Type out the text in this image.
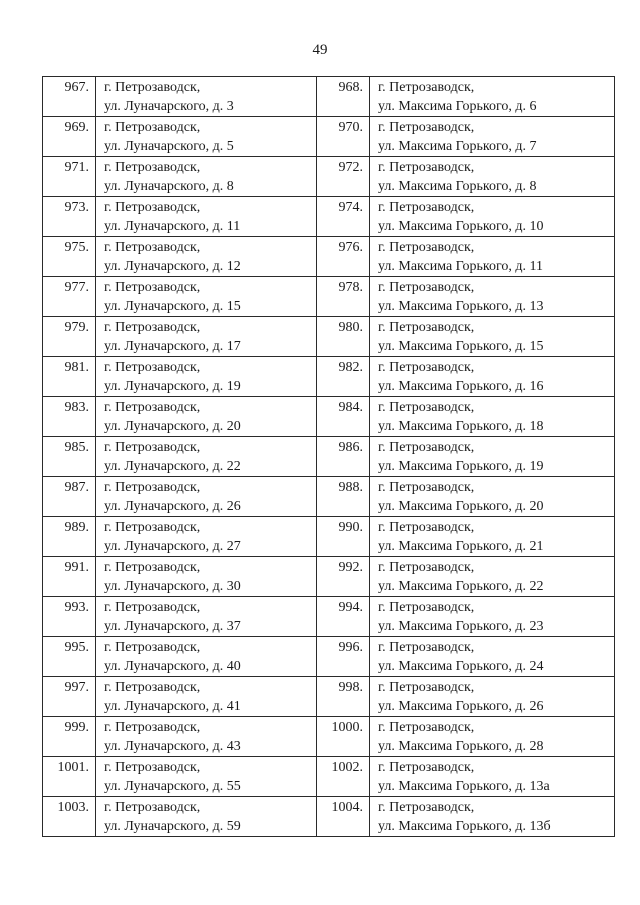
49
967.	г. Петрозаводск,
ул. Луначарского, д. 3	968.	г. Петрозаводск,
ул. Максима Горького, д. 6

969.	г. Петрозаводск,
ул. Луначарского, д. 5	970.	г. Петрозаводск,
ул. Максима Горького, д. 7

971.	г. Петрозаводск,
ул. Луначарского, д. 8	972.	г. Петрозаводск,
ул. Максима Горького, д. 8

973.	г. Петрозаводск,
ул. Луначарского, д. 11	974.	г. Петрозаводск,
ул. Максима Горького, д. 10

975.	г. Петрозаводск,
ул. Луначарского, д. 12	976.	г. Петрозаводск,
ул. Максима Горького, д. 11

977.	г. Петрозаводск,
ул. Луначарского, д. 15	978.	г. Петрозаводск,
ул. Максима Горького, д. 13

979.	г. Петрозаводск,
ул. Луначарского, д. 17	980.	г. Петрозаводск,
ул. Максима Горького, д. 15

981.	г. Петрозаводск,
ул. Луначарского, д. 19	982.	г. Петрозаводск,
ул. Максима Горького, д. 16

983.	г. Петрозаводск,
ул. Луначарского, д. 20	984.	г. Петрозаводск,
ул. Максима Горького, д. 18

985.	г. Петрозаводск,
ул. Луначарского, д. 22	986.	г. Петрозаводск,
ул. Максима Горького, д. 19

987.	г. Петрозаводск,
ул. Луначарского, д. 26	988.	г. Петрозаводск,
ул. Максима Горького, д. 20

989.	г. Петрозаводск,
ул. Луначарского, д. 27	990.	г. Петрозаводск,
ул. Максима Горького, д. 21

991.	г. Петрозаводск,
ул. Луначарского, д. 30	992.	г. Петрозаводск,
ул. Максима Горького, д. 22

993.	г. Петрозаводск,
ул. Луначарского, д. 37	994.	г. Петрозаводск,
ул. Максима Горького, д. 23

995.	г. Петрозаводск,
ул. Луначарского, д. 40	996.	г. Петрозаводск,
ул. Максима Горького, д. 24

997.	г. Петрозаводск,
ул. Луначарского, д. 41	998.	г. Петрозаводск,
ул. Максима Горького, д. 26

999.	г. Петрозаводск,
ул. Луначарского, д. 43	1000.	г. Петрозаводск,
ул. Максима Горького, д. 28

1001.	г. Петрозаводск,
ул. Луначарского, д. 55	1002.	г. Петрозаводск,
ул. Максима Горького, д. 13а

1003.	г. Петрозаводск,
ул. Луначарского, д. 59	1004.	г. Петрозаводск,
ул. Максима Горького, д. 13б
